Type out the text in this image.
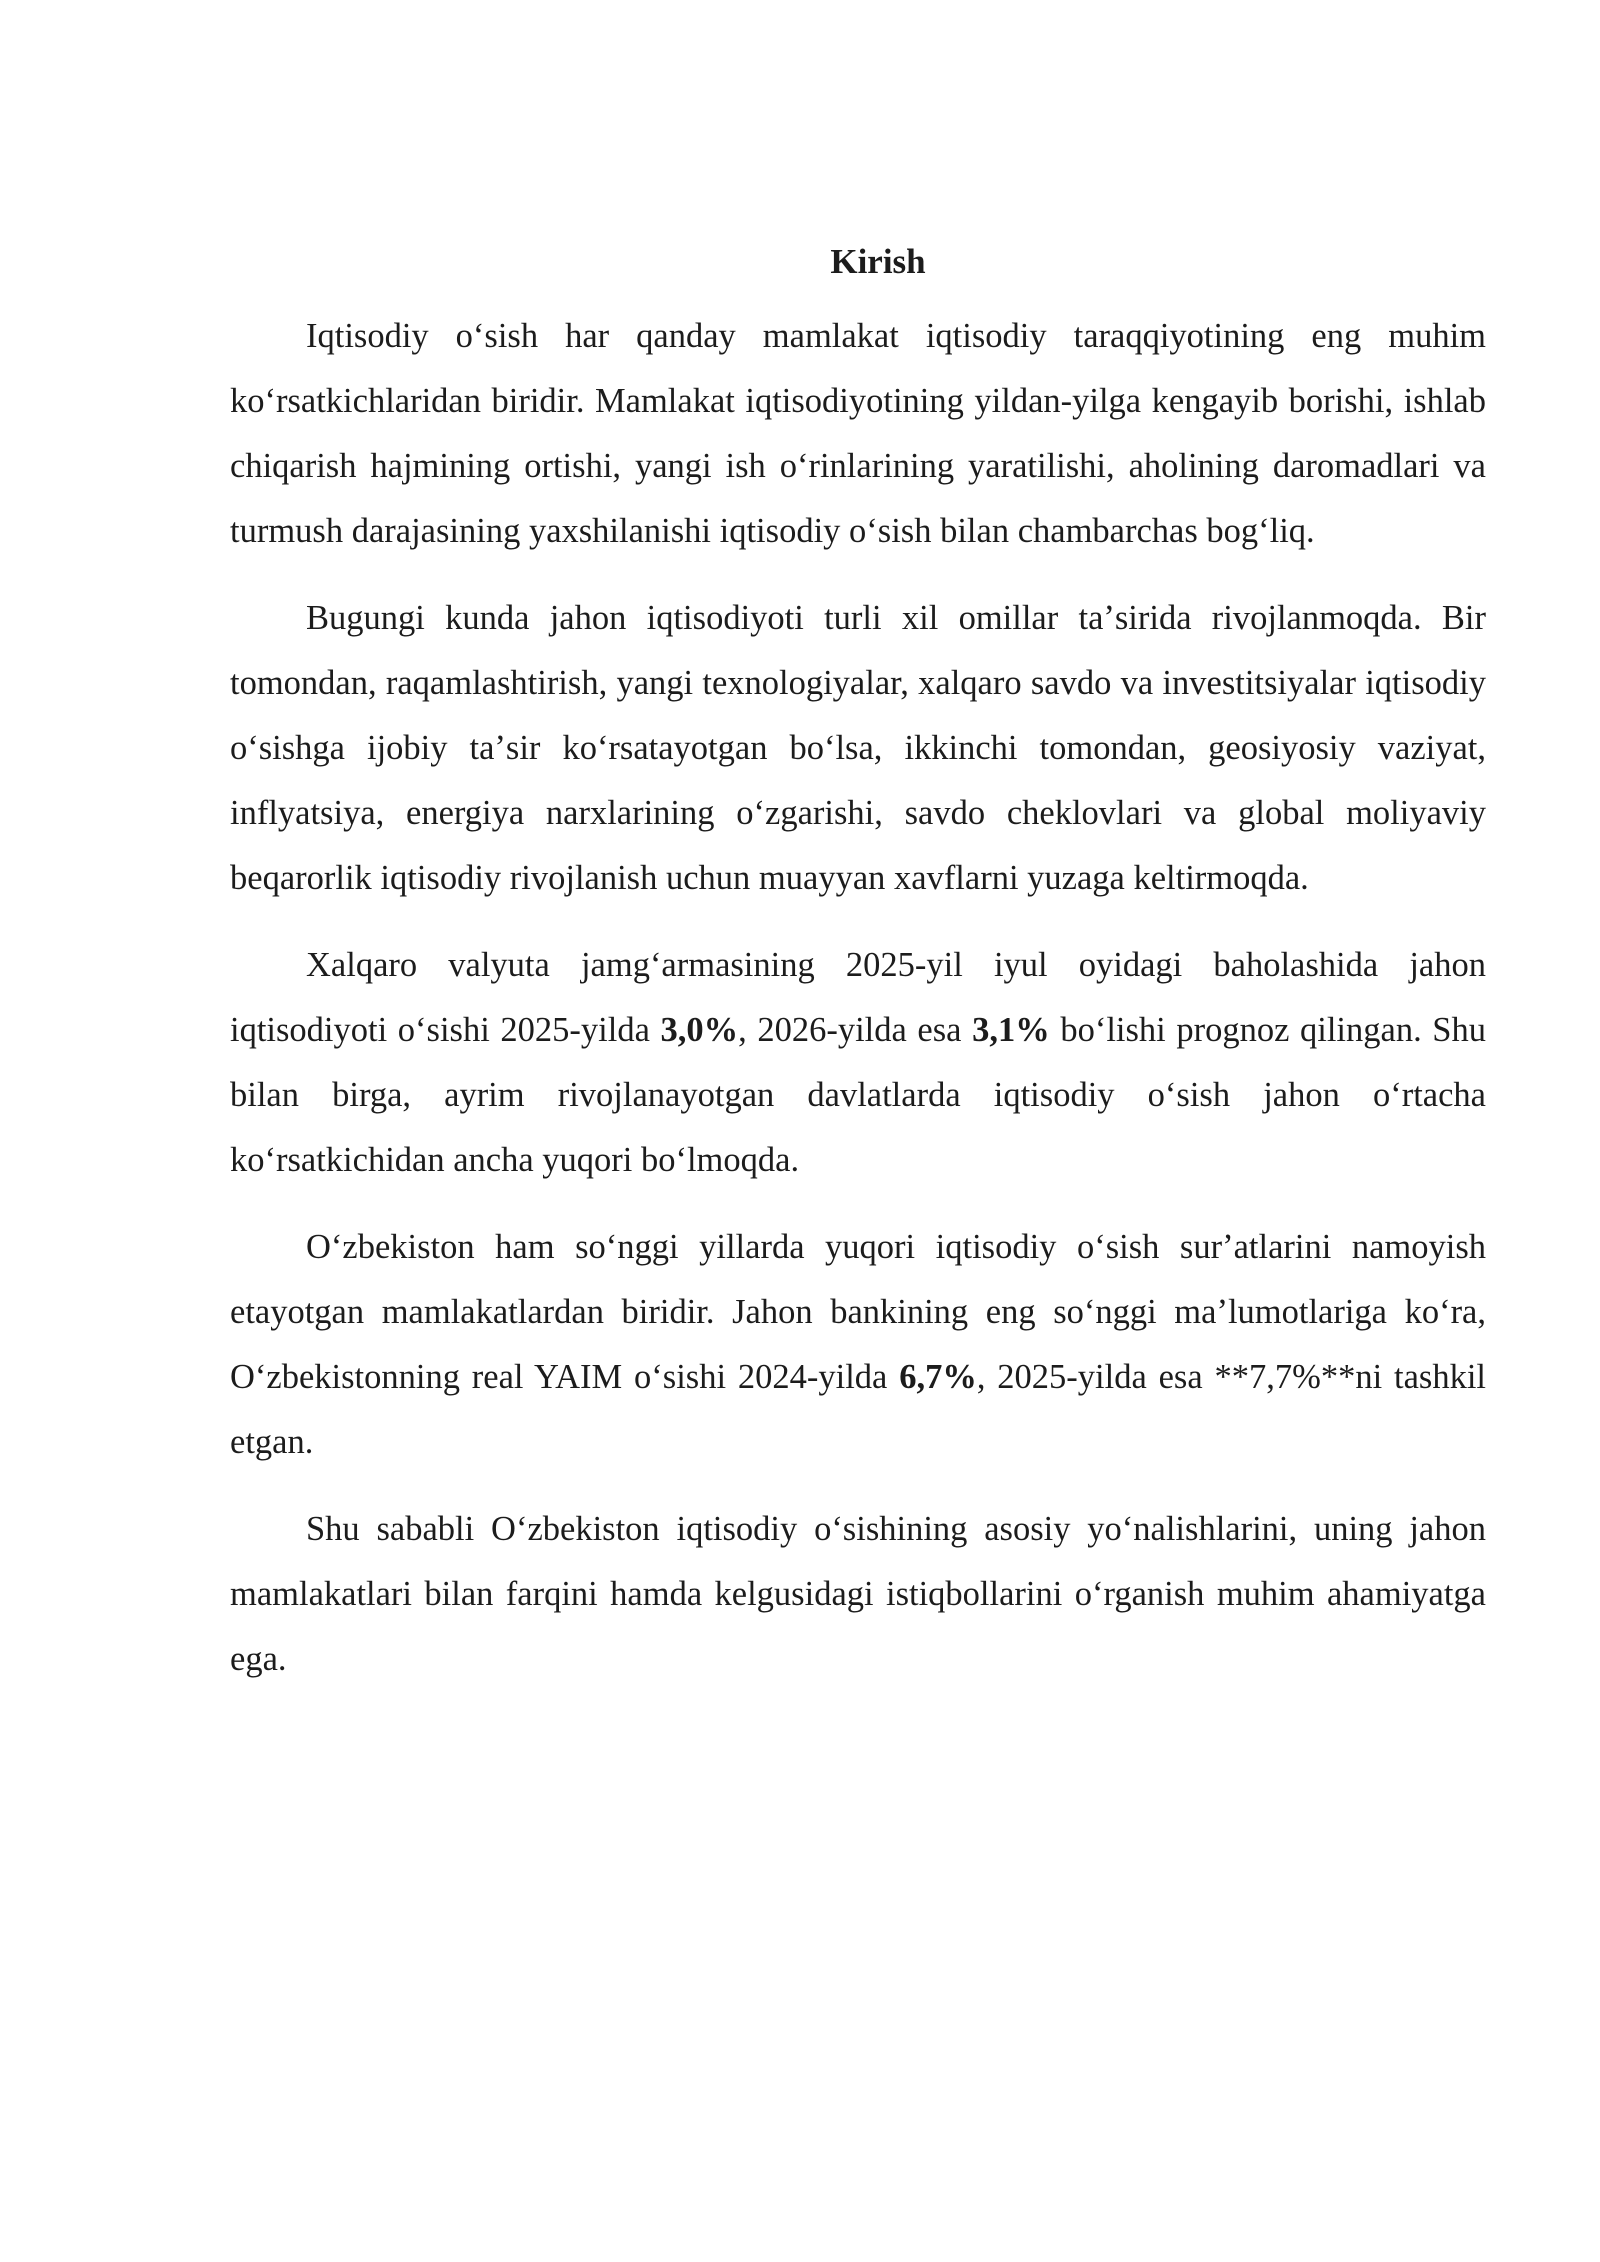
Kirish

Iqtisodiy oʻsish har qanday mamlakat iqtisodiy taraqqiyotining eng muhim koʻrsatkichlaridan biridir. Mamlakat iqtisodiyotining yildan-yilga kengayib borishi, ishlab chiqarish hajmining ortishi, yangi ish oʻrinlarining yaratilishi, aholining daromadlari va turmush darajasining yaxshilanishi iqtisodiy oʻsish bilan chambarchas bogʻliq.

Bugungi kunda jahon iqtisodiyoti turli xil omillar taʼsirida rivojlanmoqda. Bir tomondan, raqamlashtirish, yangi texnologiyalar, xalqaro savdo va investitsiyalar iqtisodiy oʻsishga ijobiy taʼsir koʻrsatayotgan boʻlsa, ikkinchi tomondan, geosiyosiy vaziyat, inflyatsiya, energiya narxlarining oʻzgarishi, savdo cheklovlari va global moliyaviy beqarorlik iqtisodiy rivojlanish uchun muayyan xavflarni yuzaga keltirmoqda.

Xalqaro valyuta jamgʻarmasining 2025-yil iyul oyidagi baholashida jahon iqtisodiyoti oʻsishi 2025-yilda 3,0%, 2026-yilda esa 3,1% boʻlishi prognoz qilingan. Shu bilan birga, ayrim rivojlanayotgan davlatlarda iqtisodiy oʻsish jahon oʻrtacha koʻrsatkichidan ancha yuqori boʻlmoqda.

Oʻzbekiston ham soʻnggi yillarda yuqori iqtisodiy oʻsish surʼatlarini namoyish etayotgan mamlakatlardan biridir. Jahon bankining eng soʻnggi maʼlumotlariga koʻra, Oʻzbekistonning real YAIM oʻsishi 2024-yilda 6,7%, 2025-yilda esa **7,7%**ni tashkil etgan.

Shu sababli Oʻzbekiston iqtisodiy oʻsishining asosiy yoʻnalishlarini, uning jahon mamlakatlari bilan farqini hamda kelgusidagi istiqbollarini oʻrganish muhim ahamiyatga ega.
